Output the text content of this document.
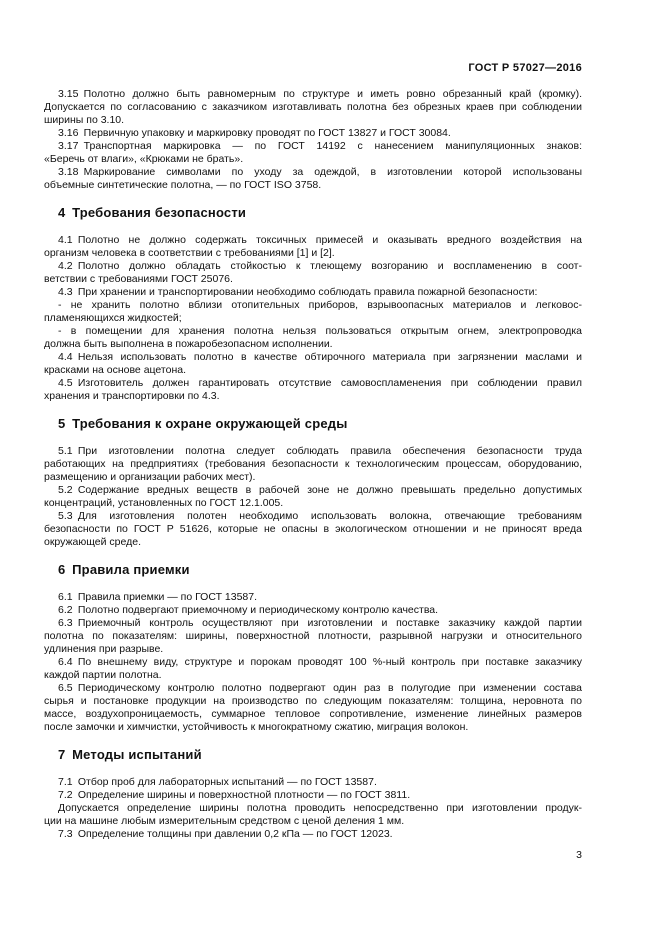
ГОСТ Р 57027—2016
3.15 Полотно должно быть равномерным по структуре и иметь ровно обрезанный край (кромку).
Допускается по согласованию с заказчиком изготавливать полотна без обрезных краев при соблюдении
ширины по 3.10.
3.16 Первичную упаковку и маркировку проводят по ГОСТ 13827 и ГОСТ 30084.
3.17 Транспортная маркировка — по ГОСТ 14192 с нанесением манипуляционных знаков:
«Беречь от влаги», «Крюками не брать».
3.18 Маркирование символами по уходу за одеждой, в изготовлении которой использованы
объемные синтетические полотна, — по ГОСТ ISO 3758.
4 Требования безопасности
4.1 Полотно не должно содержать токсичных примесей и оказывать вредного воздействия на
организм человека в соответствии с требованиями [1] и [2].
4.2 Полотно должно обладать стойкостью к тлеющему возгоранию и воспламенению в соот-
ветствии с требованиями ГОСТ 25076.
4.3 При хранении и транспортировании необходимо соблюдать правила пожарной безопасности:
- не хранить полотно вблизи отопительных приборов, взрывоопасных материалов и легковос-
пламеняющихся жидкостей;
- в помещении для хранения полотна нельзя пользоваться открытым огнем, электропроводка
должна быть выполнена в пожаробезопасном исполнении.
4.4 Нельзя использовать полотно в качестве обтирочного материала при загрязнении маслами и
красками на основе ацетона.
4.5 Изготовитель должен гарантировать отсутствие самовоспламенения при соблюдении правил
хранения и транспортировки по 4.3.
5 Требования к охране окружающей среды
5.1 При изготовлении полотна следует соблюдать правила обеспечения безопасности труда
работающих на предприятиях (требования безопасности к технологическим процессам, оборудованию,
размещению и организации рабочих мест).
5.2 Содержание вредных веществ в рабочей зоне не должно превышать предельно допустимых
концентраций, установленных по ГОСТ 12.1.005.
5.3 Для изготовления полотен необходимо использовать волокна, отвечающие требованиям
безопасности по ГОСТ Р 51626, которые не опасны в экологическом отношении и не приносят вреда
окружающей среде.
6 Правила приемки
6.1 Правила приемки — по ГОСТ 13587.
6.2 Полотно подвергают приемочному и периодическому контролю качества.
6.3 Приемочный контроль осуществляют при изготовлении и поставке заказчику каждой партии
полотна по показателям: ширины, поверхностной плотности, разрывной нагрузки и относительного
удлинения при разрыве.
6.4 По внешнему виду, структуре и порокам проводят 100 %-ный контроль при поставке заказчику
каждой партии полотна.
6.5 Периодическому контролю полотно подвергают один раз в полугодие при изменении состава
сырья и постановке продукции на производство по следующим показателям: толщина, неровнота по
массе, воздухопроницаемость, суммарное тепловое сопротивление, изменение линейных размеров
после замочки и химчистки, устойчивость к многократному сжатию, миграция волокон.
7 Методы испытаний
7.1 Отбор проб для лабораторных испытаний — по ГОСТ 13587.
7.2 Определение ширины и поверхностной плотности — по ГОСТ 3811.
Допускается определение ширины полотна проводить непосредственно при изготовлении продук-
ции на машине любым измерительным средством с ценой деления 1 мм.
7.3 Определение толщины при давлении 0,2 кПа — по ГОСТ 12023.
3
